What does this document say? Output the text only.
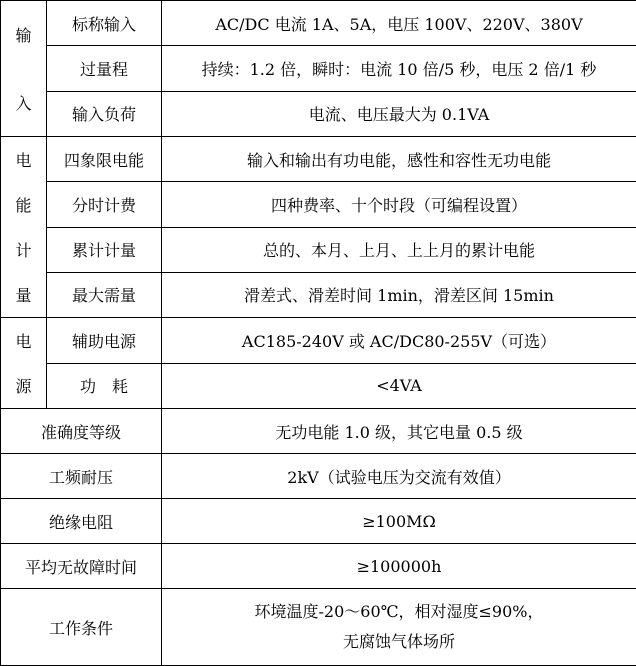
输
入	标称输入	AC/DC 电流 1A、5A，电压 100V、220V、380V
	过量程	持续：1.2 倍，瞬时：电流 10 倍/5 秒，电压 2 倍/1 秒
	输入负荷	电流、电压最大为 0.1VA

电
能
计
量	四象限电能	输入和输出有功电能，感性和容性无功电能
	分时计费	四种费率、十个时段（可编程设置）
	累计计量	总的、本月、上月、上上月的累计电能
	最大需量	滑差式、滑差时间 1min，滑差区间 15min

电
源	辅助电源	AC185-240V 或 AC/DC80-255V（可选）
	功　耗	<4VA
准确度等级		无功电能 1.0 级，其它电量 0.5 级
工频耐压		2kV（试验电压为交流有效值）
绝缘电阻		≥100MΩ
平均无故障时间		≥100000h
工作条件		环境温度-20～60℃，相对湿度≤90%，
无腐蚀气体场所
